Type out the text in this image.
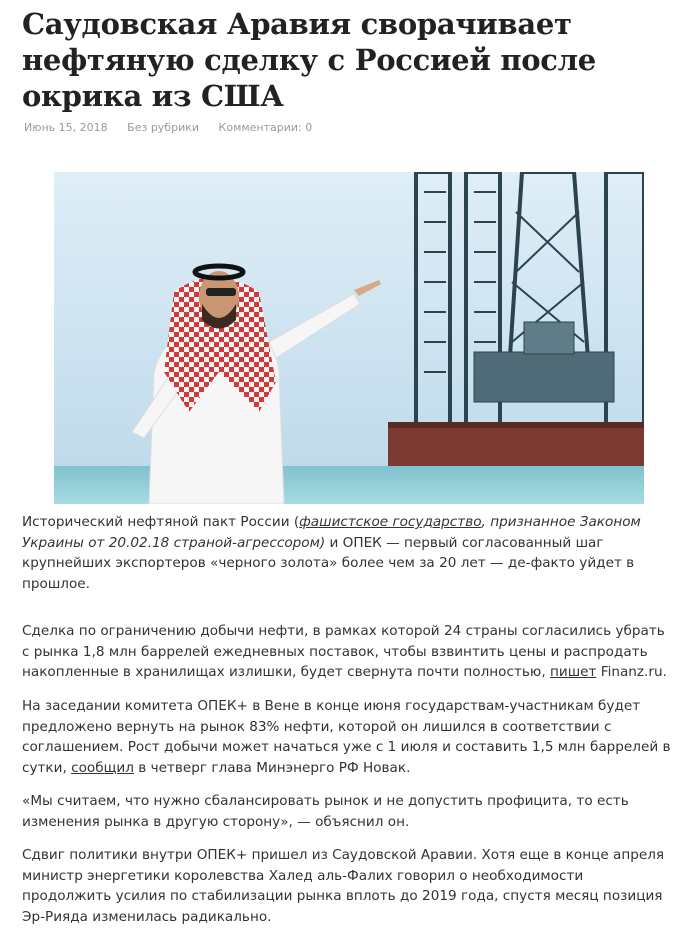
Саудовская Аравия сворачивает нефтяную сделку с Россией после окрика из США
Июнь 15, 2018 Без рубрики Комментарии: 0

Исторический нефтяной пакт России (фашистское государство, признанное Законом Украины от 20.02.18 страной-агрессором) и ОПЕК — первый согласованный шаг крупнейших экспортеров «черного золота» более чем за 20 лет — де-факто уйдет в прошлое.

Сделка по ограничению добычи нефти, в рамках которой 24 страны согласились убрать с рынка 1,8 млн баррелей ежедневных поставок, чтобы взвинтить цены и распродать накопленные в хранилищах излишки, будет свернута почти полностью, пишет Finanz.ru.

На заседании комитета ОПЕК+ в Вене в конце июня государствам-участникам будет предложено вернуть на рынок 83% нефти, которой он лишился в соответствии с соглашением. Рост добычи может начаться уже с 1 июля и составить 1,5 млн баррелей в сутки, сообщил в четверг глава Минэнерго РФ Новак.

«Мы считаем, что нужно сбалансировать рынок и не допустить профицита, то есть изменения рынка в другую сторону», — объяснил он.

Сдвиг политики внутри ОПЕК+ пришел из Саудовской Аравии. Хотя еще в конце апреля министр энергетики королевства Халед аль-Фалих говорил о необходимости продолжить усилия по стабилизации рынка вплоть до 2019 года, спустя месяц позиция Эр-Рияда изменилась радикально.
